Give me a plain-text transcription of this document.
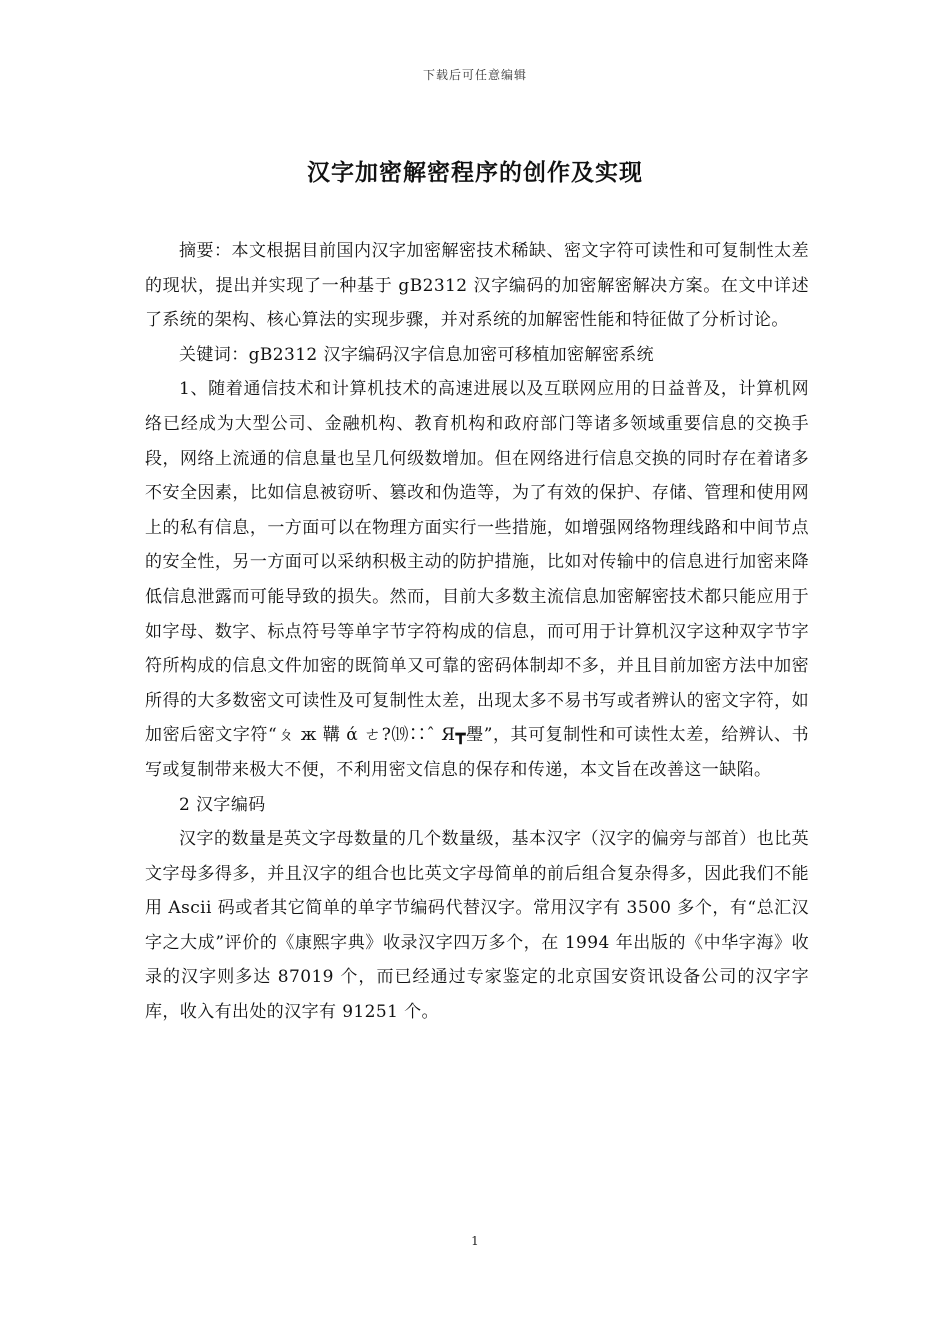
下载后可任意编辑
汉字加密解密程序的创作及实现

摘要：本文根据目前国内汉字加密解密技术稀缺、密文字符可读性和可复制性太差的现状，提出并实现了一种基于 gB2312 汉字编码的加密解密解决方案。在文中详述了系统的架构、核心算法的实现步骤，并对系统的加解密性能和特征做了分析讨论。

关键词：gB2312 汉字编码汉字信息加密可移植加密解密系统

1、随着通信技术和计算机技术的高速进展以及互联网应用的日益普及，计算机网络已经成为大型公司、金融机构、教育机构和政府部门等诸多领域重要信息的交换手段，网络上流通的信息量也呈几何级数增加。但在网络进行信息交换的同时存在着诸多不安全因素，比如信息被窃听、篡改和伪造等，为了有效的保护、存储、管理和使用网上的私有信息，一方面可以在物理方面实行一些措施，如增强网络物理线路和中间节点的安全性，另一方面可以采纳积极主动的防护措施，比如对传输中的信息进行加密来降低信息泄露而可能导致的损失。然而，目前大多数主流信息加密解密技术都只能应用于如字母、数字、标点符号等单字节字符构成的信息，而可用于计算机汉字这种双字节字符所构成的信息文件加密的既简单又可靠的密码体制却不多，并且目前加密方法中加密所得的大多数密文可读性及可复制性太差，出现太多不易书写或者辨认的密文字符，如加密后密文字符“ㄆ ж 鞲 ά ㄜ?⒆∷ˆ Я┳璺”，其可复制性和可读性太差，给辨认、书写或复制带来极大不便，不利用密文信息的保存和传递，本文旨在改善这一缺陷。

2 汉字编码

汉字的数量是英文字母数量的几个数量级，基本汉字（汉字的偏旁与部首）也比英文字母多得多，并且汉字的组合也比英文字母简单的前后组合复杂得多，因此我们不能用 Ascii 码或者其它简单的单字节编码代替汉字。常用汉字有 3500 多个，有“总汇汉字之大成”评价的《康熙字典》收录汉字四万多个，在 1994 年出版的《中华字海》收录的汉字则多达 87019 个，而已经通过专家鉴定的北京国安资讯设备公司的汉字字库，收入有出处的汉字有 91251 个。

1
